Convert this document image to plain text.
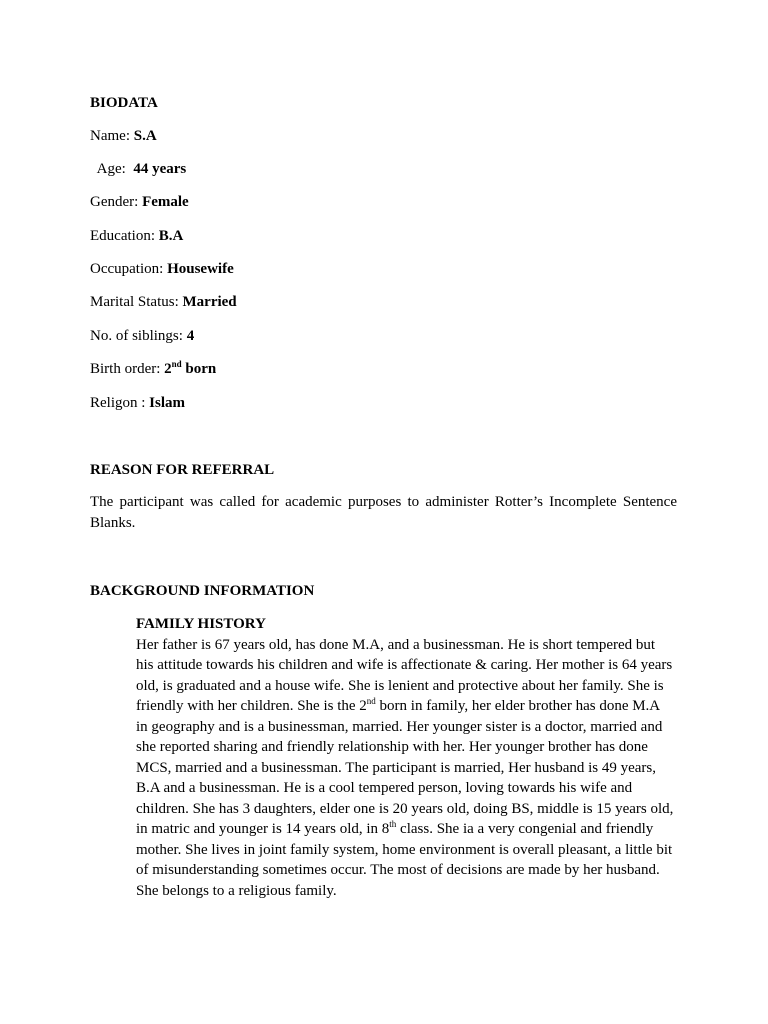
BIODATA
Name: S.A
Age:  44 years
Gender: Female
Education: B.A
Occupation: Housewife
Marital Status: Married
No. of siblings: 4
Birth order: 2nd born
Religon : Islam
REASON FOR REFERRAL

The participant was called for academic purposes to administer Rotter’s Incomplete Sentence Blanks.

BACKGROUND INFORMATION
FAMILY HISTORY
Her father is 67 years old, has done M.A, and a businessman. He is short tempered but
his attitude towards his children and wife is affectionate & caring. Her mother is 64 years
old, is graduated and a house wife. She is lenient and protective about her family. She is
friendly with her children. She is the 2nd born in family, her elder brother has done M.A
in geography and is a businessman, married. Her younger sister is a doctor, married and
she reported sharing and friendly relationship with her. Her younger brother has done
MCS, married and a businessman. The participant is married, Her husband is 49 years,
B.A and a businessman. He is a cool tempered person, loving towards his wife and
children. She has 3 daughters, elder one is 20 years old, doing BS, middle is 15 years old,
in matric and younger is 14 years old, in 8th class. She ia a very congenial and friendly
mother. She lives in joint family system, home environment is overall pleasant, a little bit
of misunderstanding sometimes occur. The most of decisions are made by her husband.
She belongs to a religious family.
